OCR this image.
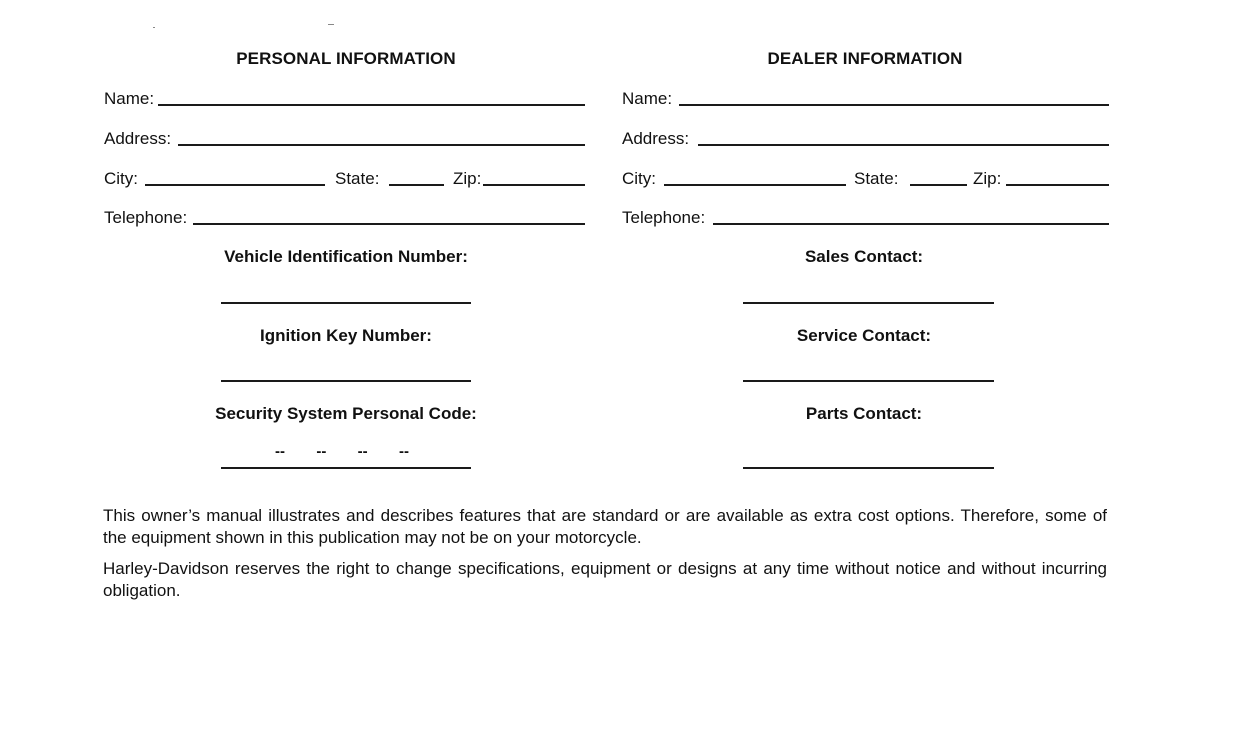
PERSONAL INFORMATION
Name:
Address:
City:	State:	Zip:
Telephone:
Vehicle Identification Number:
Ignition Key Number:
Security System Personal Code:
-- -- -- --
DEALER INFORMATION
Name:
Address:
City:	State:	Zip:
Telephone:
Sales Contact:
Service Contact:
Parts Contact:
This owner’s manual illustrates and describes features that are standard or are available as extra cost options. Therefore, some of the equipment shown in this publication may not be on your motorcycle.
Harley-Davidson reserves the right to change specifications, equipment or designs at any time without notice and without incurring obligation.
